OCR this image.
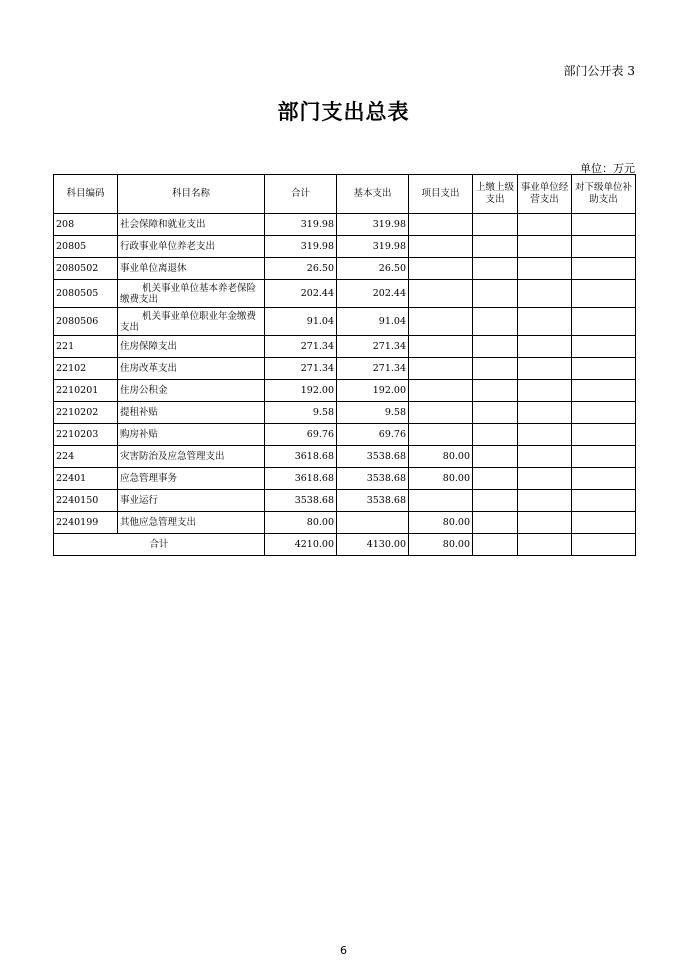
部门公开表 3
部门支出总表
单位：万元
科目编码	科目名称	合计	基本支出	项目支出	上缴上级支出	事业单位经营支出	对下级单位补助支出
208	社会保障和就业支出	319.98	319.98				
20805	行政事业单位养老支出	319.98	319.98				
2080502	事业单位离退休	26.50	26.50				
2080505	机关事业单位基本养老保险缴费支出	202.44	202.44				
2080506	机关事业单位职业年金缴费支出	91.04	91.04				
221	住房保障支出	271.34	271.34				
22102	住房改革支出	271.34	271.34				
2210201	住房公积金	192.00	192.00				
2210202	提租补贴	9.58	9.58				
2210203	购房补贴	69.76	69.76				
224	灾害防治及应急管理支出	3618.68	3538.68	80.00			
22401	应急管理事务	3618.68	3538.68	80.00			
2240150	事业运行	3538.68	3538.68				
2240199	其他应急管理支出	80.00		80.00			
合计		4210.00	4130.00	80.00			
6
